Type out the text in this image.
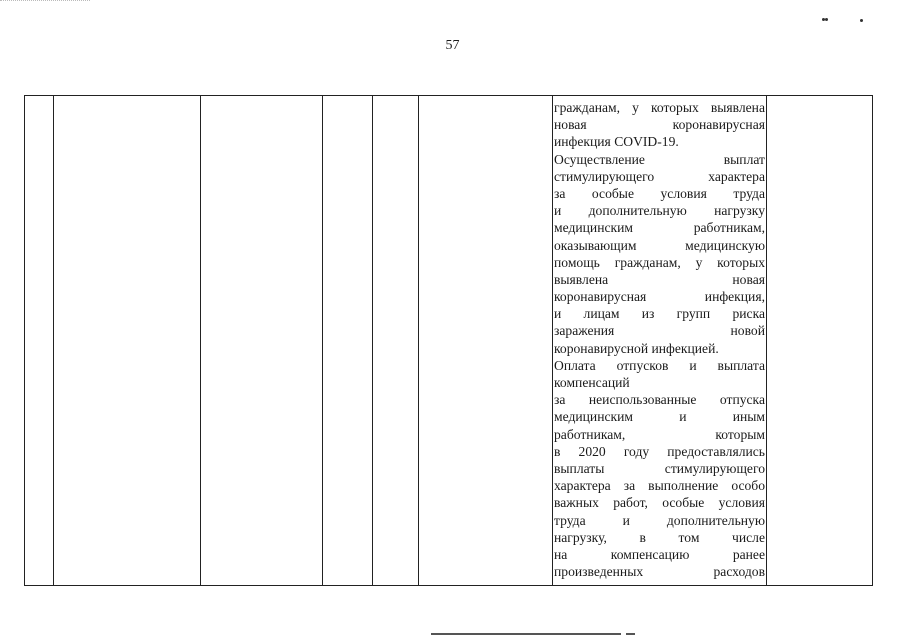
57
гражданам, у которых выявлена
новая коронавирусная
инфекция COVID-19.
Осуществление выплат
стимулирующего характера
за особые условия труда
и дополнительную нагрузку
медицинским работникам,
оказывающим медицинскую
помощь гражданам, у которых
выявлена новая
коронавирусная инфекция,
и лицам из групп риска
заражения новой
коронавирусной инфекцией.
Оплата отпусков и выплата
компенсаций
за неиспользованные отпуска
медицинским и иным
работникам, которым
в 2020 году предоставлялись
выплаты стимулирующего
характера за выполнение особо
важных работ, особые условия
труда и дополнительную
нагрузку, в том числе
на компенсацию ранее
произведенных расходов
